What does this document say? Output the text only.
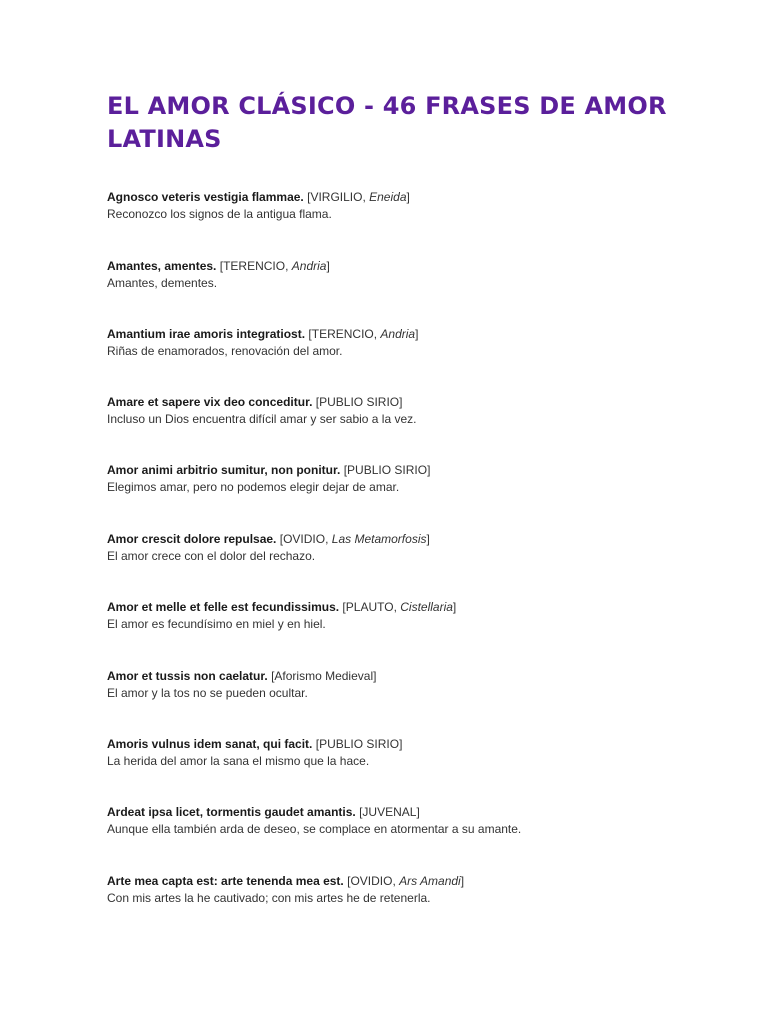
EL AMOR CLÁSICO - 46 FRASES DE AMOR LATINAS
Agnosco veteris vestigia flammae. [VIRGILIO, Eneida]
Reconozco los signos de la antigua flama.
Amantes, amentes. [TERENCIO, Andria]
Amantes, dementes.
Amantium irae amoris integratiost. [TERENCIO, Andria]
Riñas de enamorados, renovación del amor.
Amare et sapere vix deo conceditur. [PUBLIO SIRIO]
Incluso un Dios encuentra difícil amar y ser sabio a la vez.
Amor animi arbitrio sumitur, non ponitur. [PUBLIO SIRIO]
Elegimos amar, pero no podemos elegir dejar de amar.
Amor crescit dolore repulsae. [OVIDIO, Las Metamorfosis]
El amor crece con el dolor del rechazo.
Amor et melle et felle est fecundissimus. [PLAUTO, Cistellaria]
El amor es fecundísimo en miel y en hiel.
Amor et tussis non caelatur. [Aforismo Medieval]
El amor y la tos no se pueden ocultar.
Amoris vulnus idem sanat, qui facit. [PUBLIO SIRIO]
La herida del amor la sana el mismo que la hace.
Ardeat ipsa licet, tormentis gaudet amantis. [JUVENAL]
Aunque ella también arda de deseo, se complace en atormentar a su amante.
Arte mea capta est: arte tenenda mea est. [OVIDIO, Ars Amandi]
Con mis artes la he cautivado; con mis artes he de retenerla.
